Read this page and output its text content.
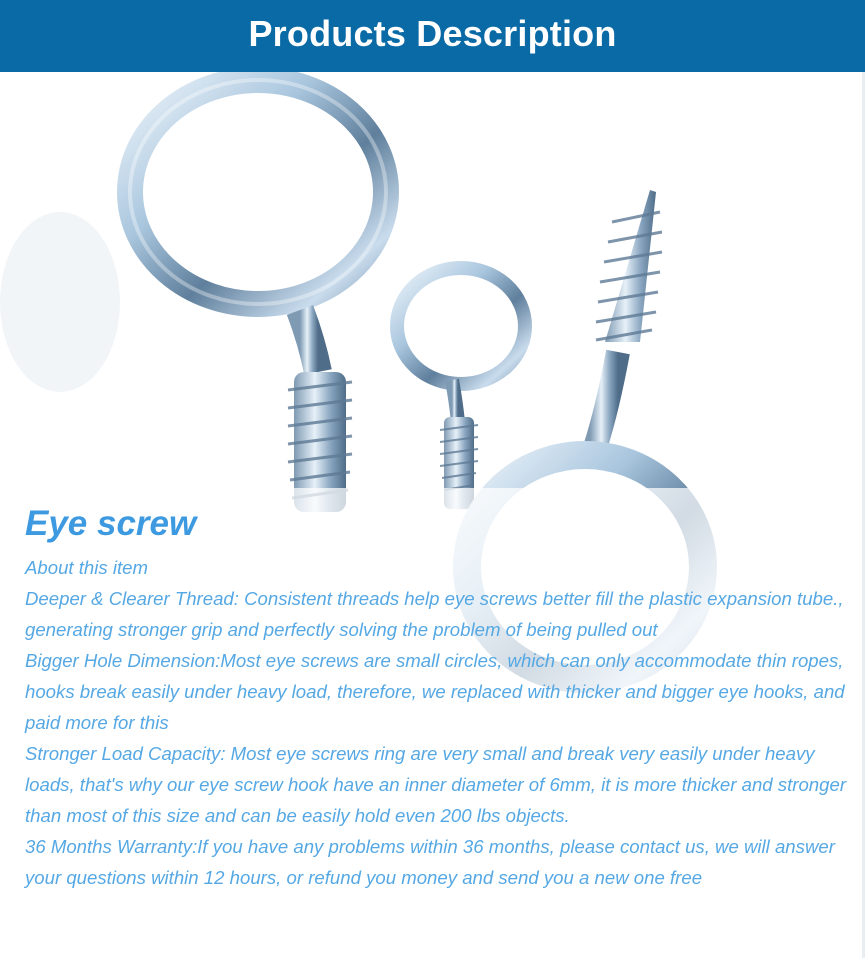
Products Description
Eye screw

About this item

Deeper & Clearer Thread: Consistent threads help eye screws better fill the plastic expansion tube., generating stronger grip and perfectly solving the problem of being pulled out

Bigger Hole Dimension:Most eye screws are small circles, which can only accommodate thin ropes, hooks break easily under heavy load, therefore, we replaced with thicker and bigger eye hooks, and paid more for this

Stronger Load Capacity: Most eye screws ring are very small and break very easily under heavy loads, that's why our eye screw hook have an inner diameter of 6mm, it is more thicker and stronger than most of this size and can be easily hold even 200 lbs objects.

36 Months Warranty:If you have any problems within 36 months, please contact us, we will answer your questions within 12 hours, or refund you money and send you a new one free
